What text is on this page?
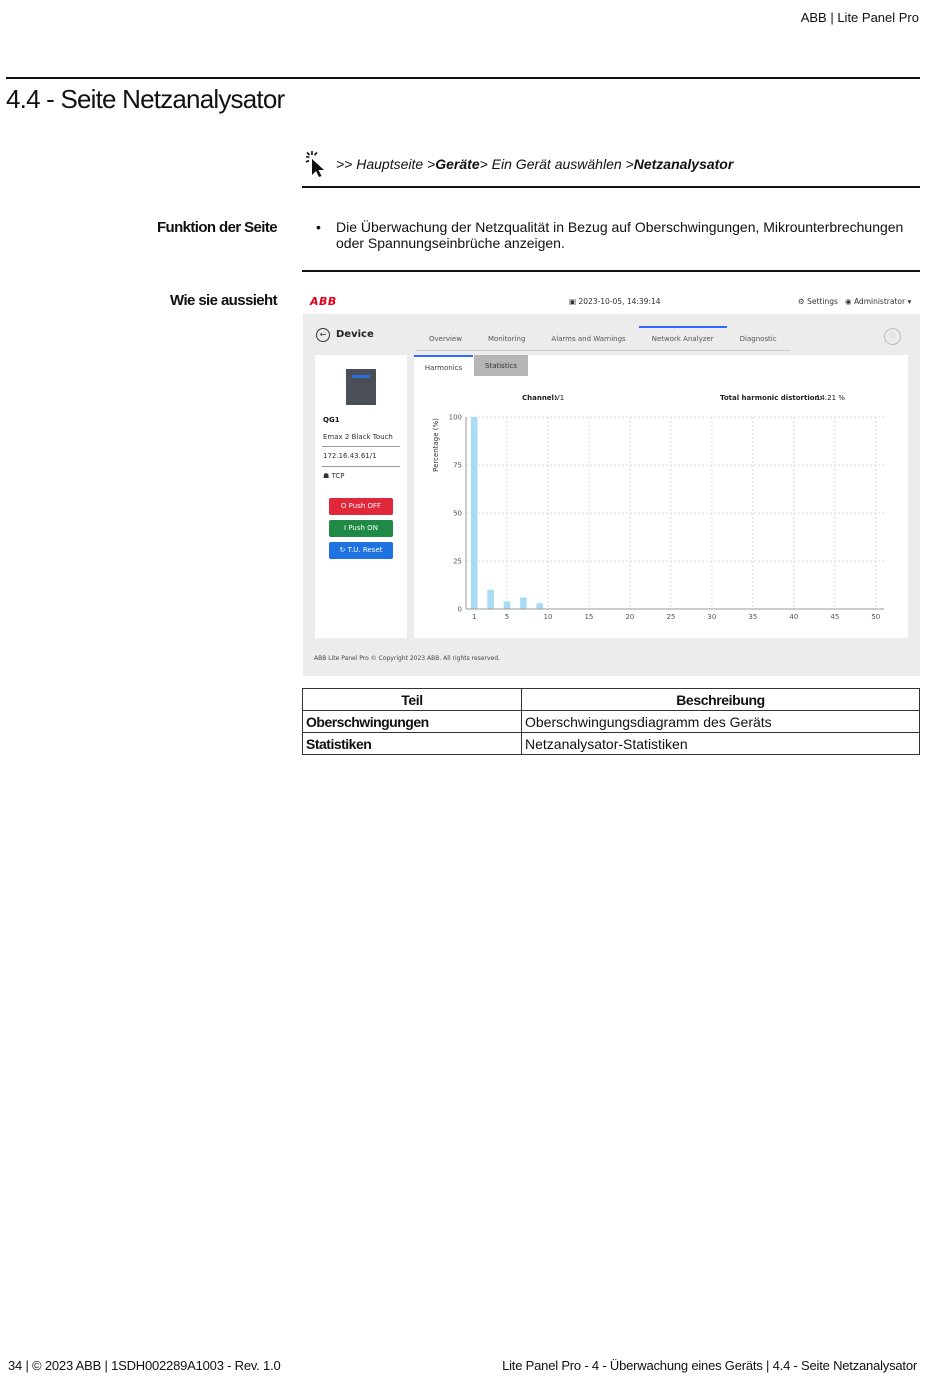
ABB | Lite Panel Pro
4.4 - Seite Netzanalysator
>> Hauptseite > Geräte > Ein Gerät auswählen > Netzanalysator
Funktion der Seite	•	Die Überwachung der Netzqualität in Bezug auf Oberschwingungen, Mikrounterbrechungen oder Spannungseinbrüche anzeigen.
Wie sie aussieht	ABB	▣ 2023-10-05, 14:39:14	⚙ Settings ◉ Administrator ▾
← Device	Overview	Monitoring	Alarms and Warnings	Network Analyzer	Diagnostic	☆
QG1
Emax 2 Black Touch
172.16.43.61/1
☗ TCP
O Push OFF
I Push ON
↻ T.U. Reset
Harmonics	Statistics
Channel:
V1	Total harmonic distortion:
14.21 %
Percentage (%)
0
25
50
75
100
1	5	10	15	20	25	30	35	40	45	50
ABB Lite Panel Pro © Copyright 2023 ABB. All rights reserved.
Teil	Beschreibung
Oberschwingungen	Oberschwingungsdiagramm des Geräts
Statistiken	Netzanalysator-Statistiken
34 | © 2023 ABB | 1SDH002289A1003 - Rev. 1.0	Lite Panel Pro - 4 - Überwachung eines Geräts | 4.4 - Seite Netzanalysator
